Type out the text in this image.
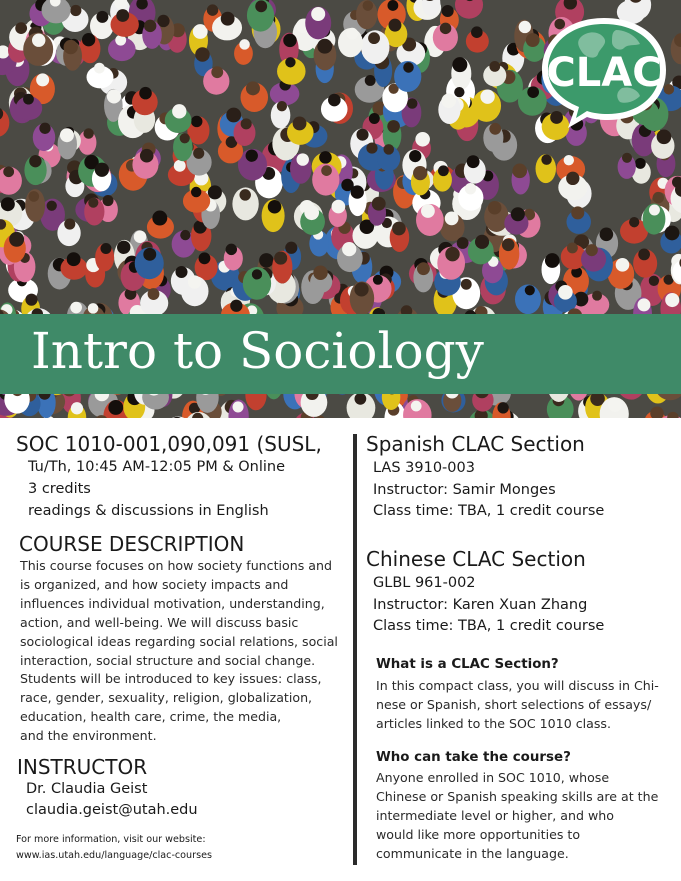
Intro to Sociology
CLAC
SOC 1010-001,090,091 (SUSL,
Tu/Th, 10:45 AM-12:05 PM & Online
3 credits
readings & discussions in English
COURSE DESCRIPTION
This course focuses on how society functions and
is organized, and how society impacts and
influences individual motivation, understanding,
action, and well-being. We will discuss basic
sociological ideas regarding social relations, social
interaction, social structure and social change.
Students will be introduced to key issues: class,
race, gender, sexuality, religion, globalization,
education, health care, crime, the media,
and the environment.
INSTRUCTOR
Dr. Claudia Geist
claudia.geist@utah.edu
For more information, visit our website:
www.ias.utah.edu/language/clac-courses
Spanish CLAC Section
LAS 3910-003
Instructor: Samir Monges
Class time: TBA, 1 credit course
Chinese CLAC Section
GLBL 961-002
Instructor: Karen Xuan Zhang
Class time: TBA, 1 credit course
What is a CLAC Section?
In this compact class, you will discuss in Chi-
nese or Spanish, short selections of essays/
articles linked to the SOC 1010 class.
Who can take the course?
Anyone enrolled in SOC 1010, whose
Chinese or Spanish speaking skills are at the
intermediate level or higher, and who
would like more opportunities to
communicate in the language.
